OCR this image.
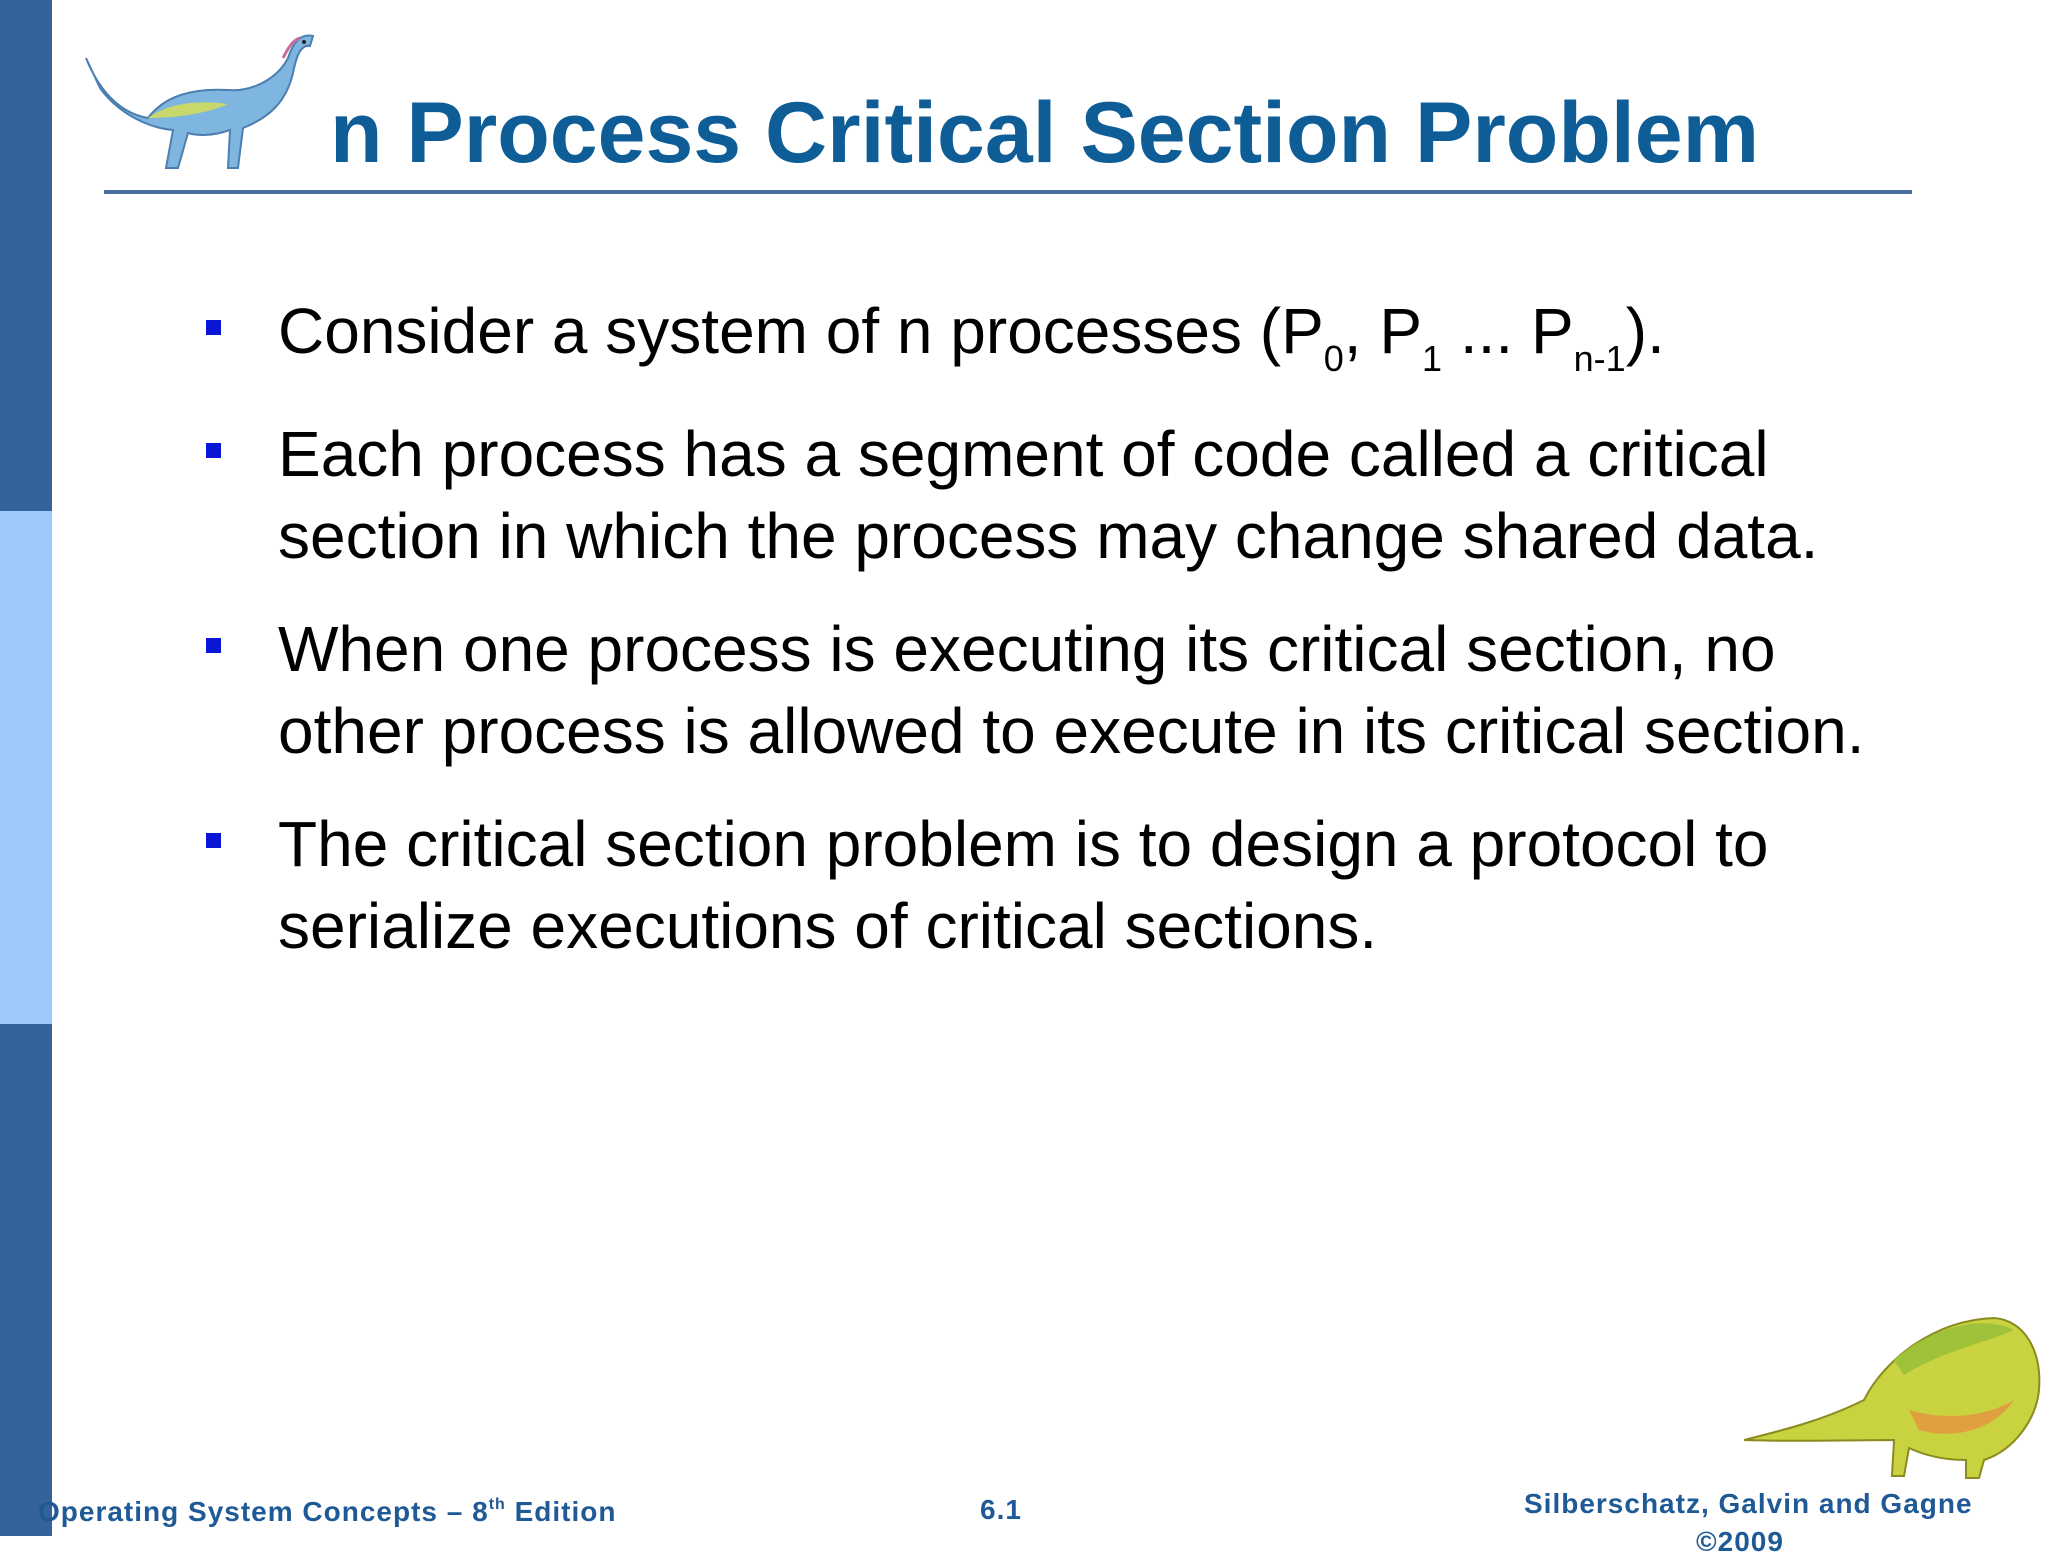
n Process Critical Section Problem
Consider a system of n processes ($P_0$, $P_1$ ... $P_{n-1}$).
Each process has a segment of code called a critical section in which the process may change shared data.
When one process is executing its critical section, no other process is allowed to execute in its critical section.
The critical section problem is to design a protocol to serialize executions of critical sections.
Operating System Concepts – 8th Edition	6.1	Silberschatz, Galvin and Gagne
©2009
